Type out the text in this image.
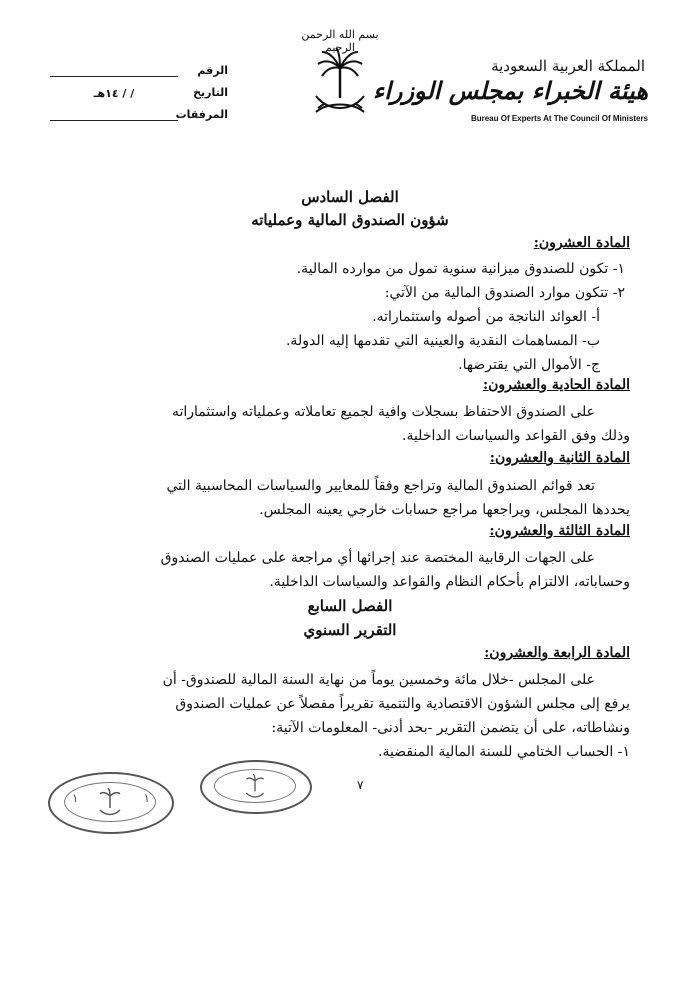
بسم الله الرحمن الرحيم
المملكة العربية السعودية
هيئة الخبراء بمجلس الوزراء
Bureau Of Experts At The Council Of Ministers
الرقم
التاريخ
/ / ١٤هـ
المرفقات
الفصل السادس
شؤون الصندوق المالية وعملياته
المادة العشرون:
١- تكون للصندوق ميزانية سنوية تمول من موارده المالية.
٢- تتكون موارد الصندوق المالية من الآتي:
أ- العوائد الناتجة من أصوله واستثماراته.
ب- المساهمات النقدية والعينية التي تقدمها إليه الدولة.
ج- الأموال التي يقترضها.
المادة الحادية والعشرون:
على الصندوق الاحتفاظ بسجلات وافية لجميع تعاملاته وعملياته واستثماراته
وذلك وفق القواعد والسياسات الداخلية.
المادة الثانية والعشرون:
تعد قوائم الصندوق المالية وتراجع وفقاً للمعايير والسياسات المحاسبية التي
يحددها المجلس، ويراجعها مراجع حسابات خارجي يعينه المجلس.
المادة الثالثة والعشرون:
على الجهات الرقابية المختصة عند إجرائها أي مراجعة على عمليات الصندوق
وحساباته، الالتزام بأحكام النظام والقواعد والسياسات الداخلية.
الفصل السابع
التقرير السنوي
المادة الرابعة والعشرون:
على المجلس -خلال مائة وخمسين يوماً من نهاية السنة المالية للصندوق- أن
يرفع إلى مجلس الشؤون الاقتصادية والتنمية تقريراً مفصلاً عن عمليات الصندوق
ونشاطاته، على أن يتضمن التقرير -بحد أدنى- المعلومات الآتية:
١- الحساب الختامي للسنة المالية المنقضية.
٧
١	١
